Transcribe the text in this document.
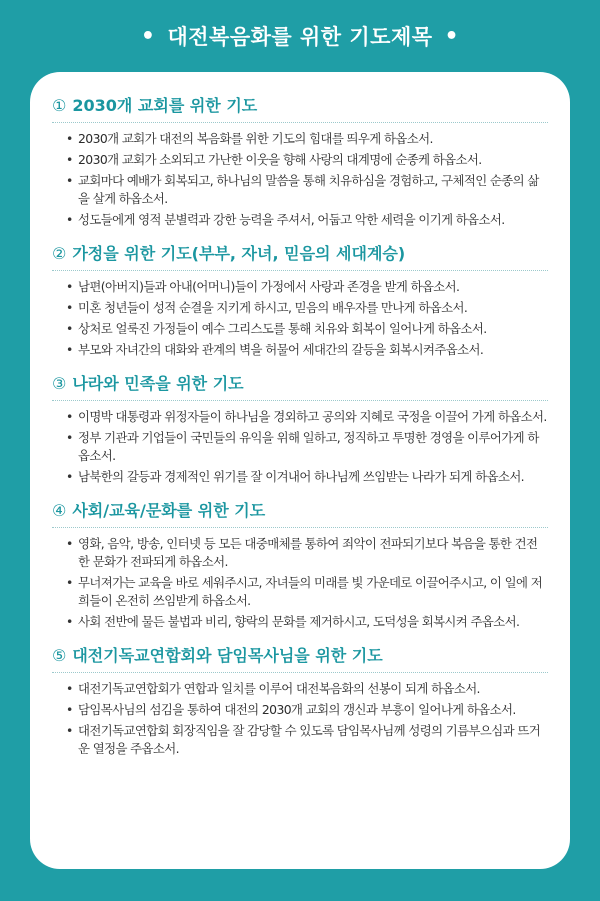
• 대전복음화를 위한 기도제목 •
① 2030개 교회를 위한 기도
• 2030개 교회가 대전의 복음화를 위한 기도의 힘대를 띄우게 하옵소서.
• 2030개 교회가 소외되고 가난한 이웃을 향해 사랑의 대계명에 순종케 하옵소서.
• 교회마다 예배가 회복되고, 하나님의 말씀을 통해 치유하심을 경험하고, 구체적인 순종의 삶을 살게 하옵소서.
• 성도들에게 영적 분별력과 강한 능력을 주셔서, 어둡고 악한 세력을 이기게 하옵소서.
② 가정을 위한 기도(부부, 자녀, 믿음의 세대계승)
• 남편(아버지)들과 아내(어머니)들이 가정에서 사랑과 존경을 받게 하옵소서.
• 미혼 청년들이 성적 순결을 지키게 하시고, 믿음의 배우자를 만나게 하옵소서.
• 상처로 얼룩진 가정들이 예수 그리스도를 통해 치유와 회복이 일어나게 하옵소서.
• 부모와 자녀간의 대화와 관계의 벽을 허물어 세대간의 갈등을 회복시켜주옵소서.
③ 나라와 민족을 위한 기도
• 이명박 대통령과 위정자들이 하나님을 경외하고 공의와 지혜로 국정을 이끌어 가게 하옵소서.
• 정부 기관과 기업들이 국민들의 유익을 위해 일하고, 정직하고 투명한 경영을 이루어가게 하옵소서.
• 남북한의 갈등과 경제적인 위기를 잘 이겨내어 하나님께 쓰임받는 나라가 되게 하옵소서.
④ 사회/교육/문화를 위한 기도
• 영화, 음악, 방송, 인터넷 등 모든 대중매체를 통하여 죄악이 전파되기보다 복음을 통한 건전한 문화가 전파되게 하옵소서.
• 무너져가는 교육을 바로 세워주시고, 자녀들의 미래를 빛 가운데로 이끌어주시고, 이 일에 저희들이 온전히 쓰임받게 하옵소서.
• 사회 전반에 물든 불법과 비리, 향락의 문화를 제거하시고, 도덕성을 회복시켜 주옵소서.
⑤ 대전기독교연합회와 담임목사님을 위한 기도
• 대전기독교연합회가 연합과 일치를 이루어 대전복음화의 선봉이 되게 하옵소서.
• 담임목사님의 섬김을 통하여 대전의 2030개 교회의 갱신과 부흥이 일어나게 하옵소서.
• 대전기독교연합회 회장직임을 잘 감당할 수 있도록 담임목사님께 성령의 기름부으심과 뜨거운 열정을 주옵소서.
